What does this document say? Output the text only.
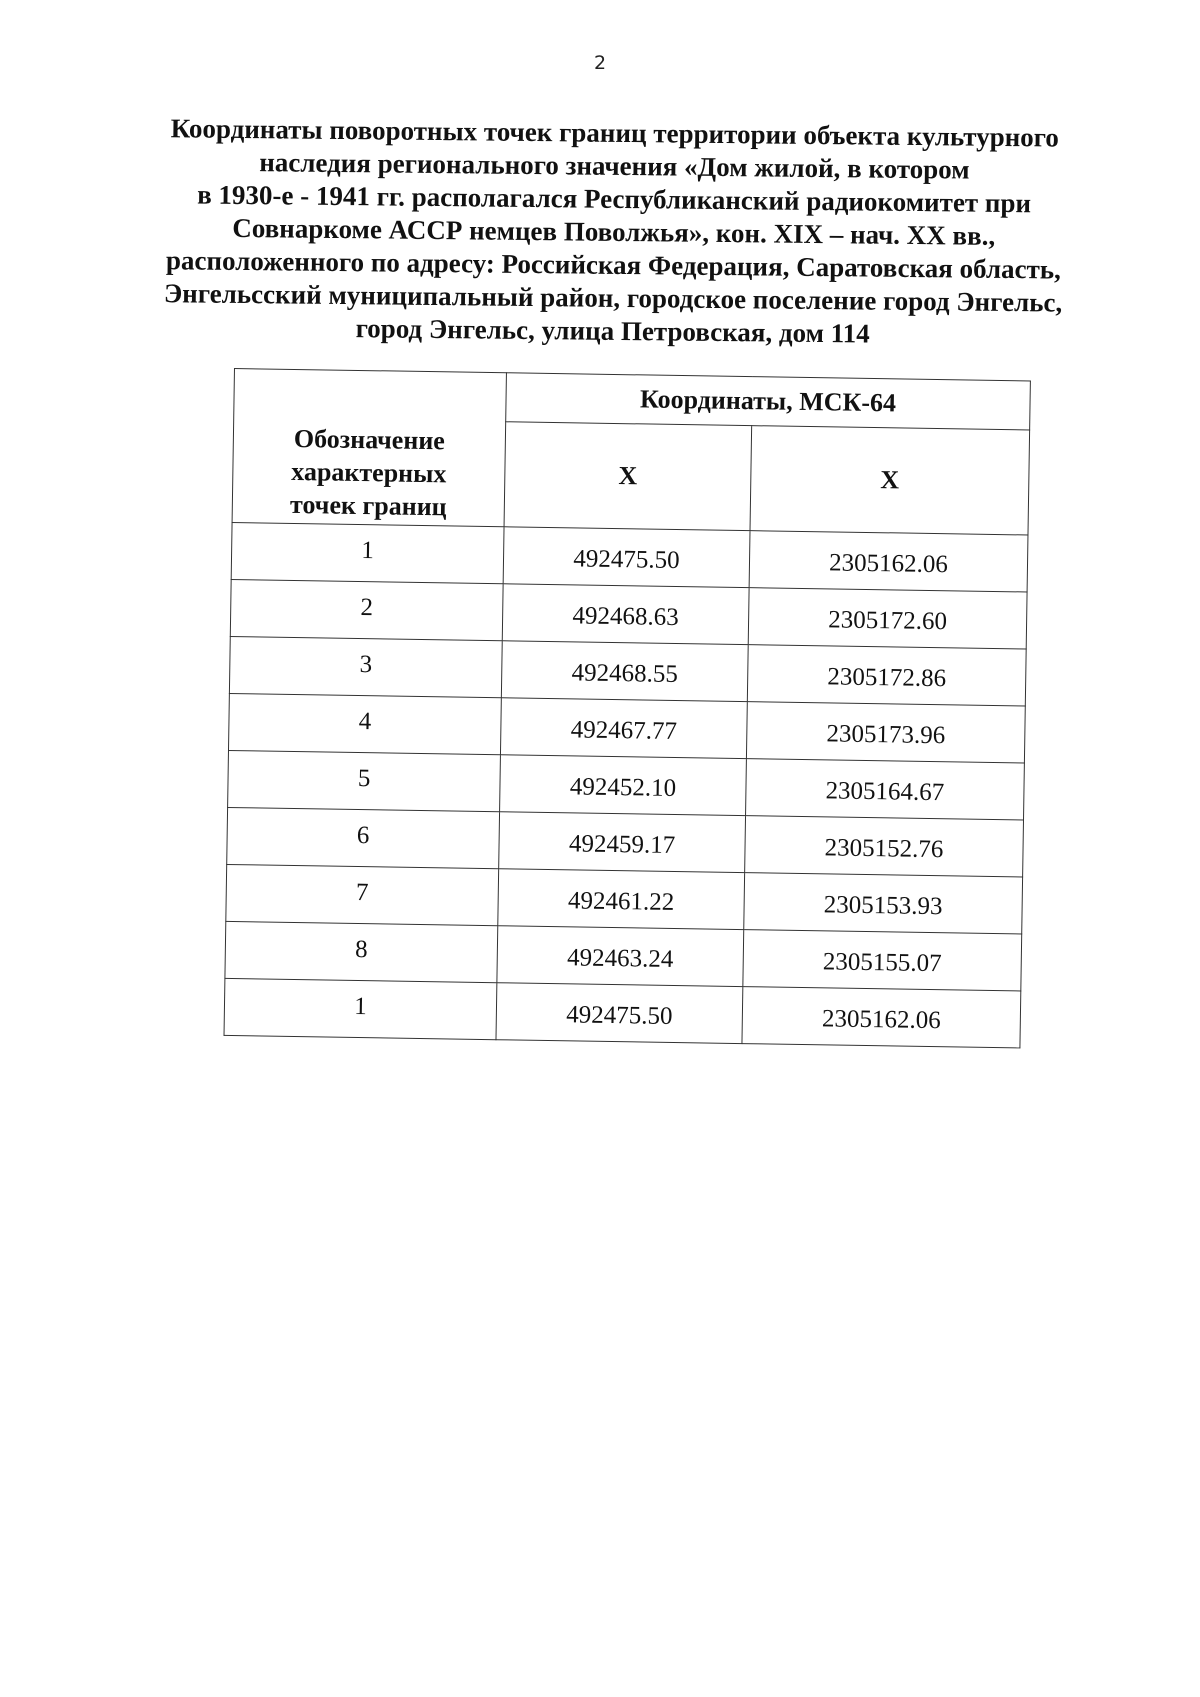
2
Координаты поворотных точек границ территории объекта культурного
наследия регионального значения «Дом жилой, в котором
в 1930-е - 1941 гг. располагался Республиканский радиокомитет при
Совнаркоме АССР немцев Поволжья», кон. XIX – нач. XX вв.,
расположенного по адресу: Российская Федерация, Саратовская область,
Энгельсский муниципальный район, городское поселение город Энгельс,
город Энгельс, улица Петровская, дом 114
Обозначение
характерных
точек границ	Координаты, МСК-64	
	X	X
1	492475.50	2305162.06
2	492468.63	2305172.60
3	492468.55	2305172.86
4	492467.77	2305173.96
5	492452.10	2305164.67
6	492459.17	2305152.76
7	492461.22	2305153.93
8	492463.24	2305155.07
1	492475.50	2305162.06
